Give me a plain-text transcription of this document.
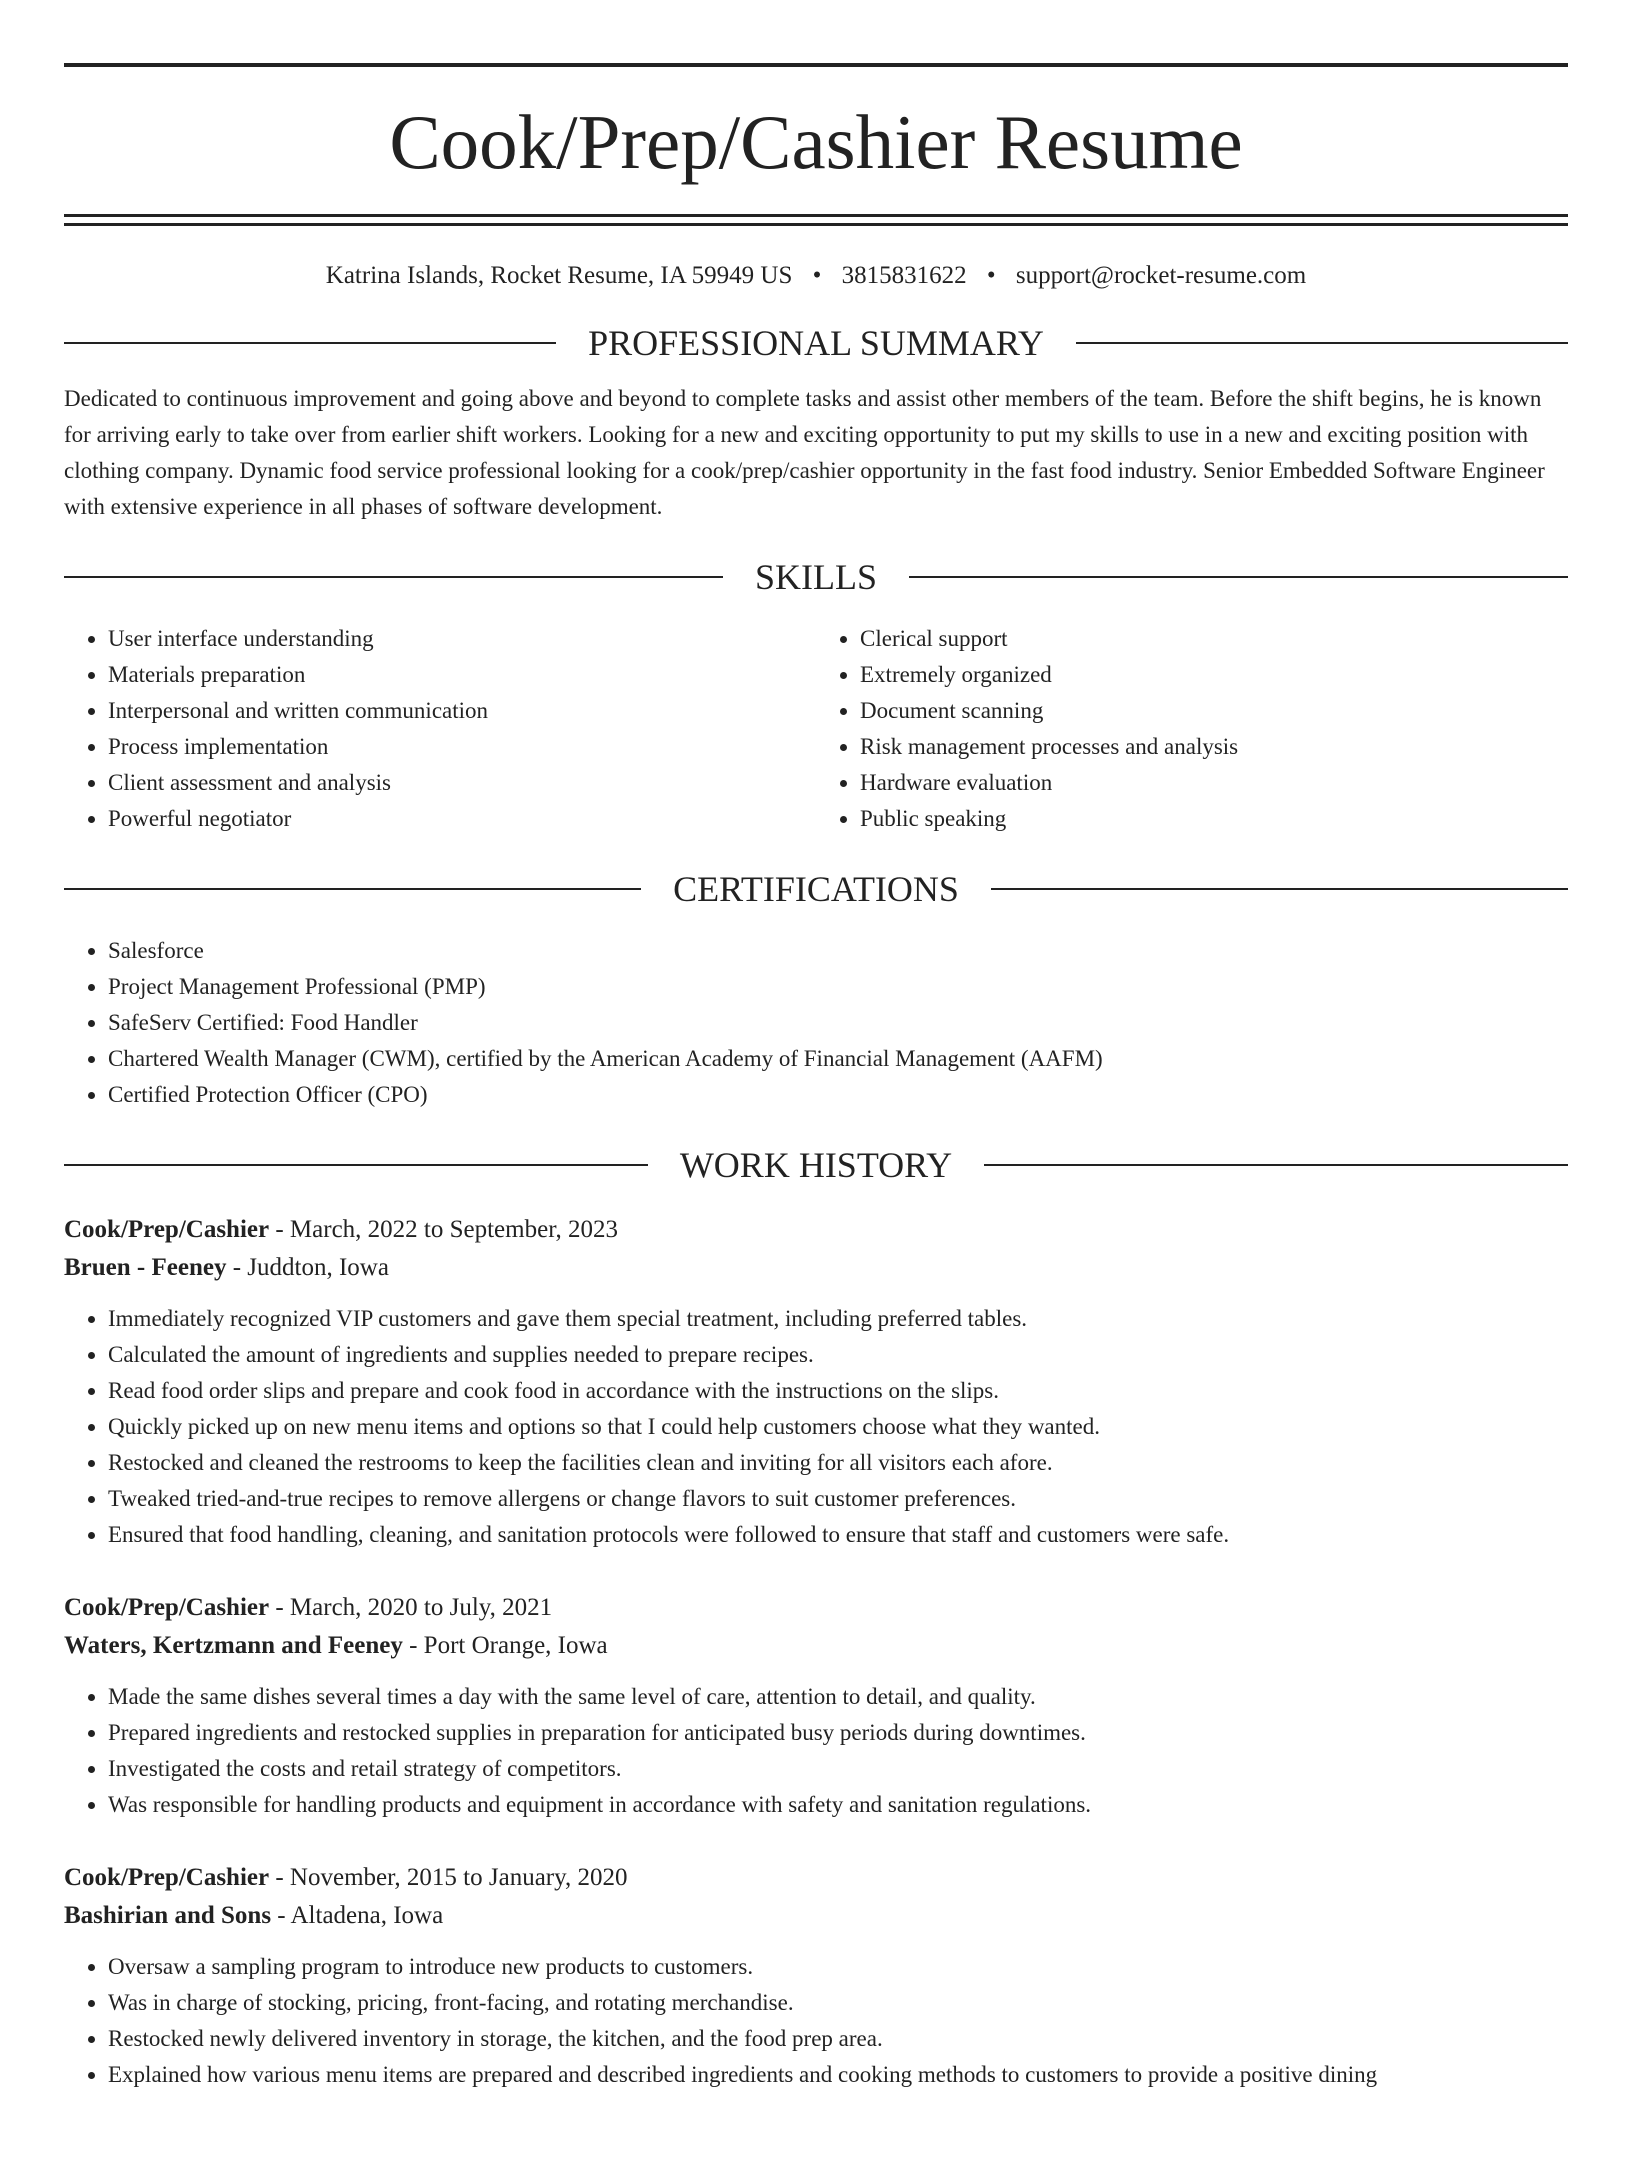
Cook/Prep/Cashier Resume
Katrina Islands, Rocket Resume, IA 59949 US • 3815831622 • support@rocket-resume.com
PROFESSIONAL SUMMARY
Dedicated to continuous improvement and going above and beyond to complete tasks and assist other members of the team. Before the shift begins, he is known for arriving early to take over from earlier shift workers. Looking for a new and exciting opportunity to put my skills to use in a new and exciting position with clothing company. Dynamic food service professional looking for a cook/prep/cashier opportunity in the fast food industry. Senior Embedded Software Engineer with extensive experience in all phases of software development.
SKILLS
• User interface understanding
• Materials preparation
• Interpersonal and written communication
• Process implementation
• Client assessment and analysis
• Powerful negotiator
• Clerical support
• Extremely organized
• Document scanning
• Risk management processes and analysis
• Hardware evaluation
• Public speaking
CERTIFICATIONS
• Salesforce
• Project Management Professional (PMP)
• SafeServ Certified: Food Handler
• Chartered Wealth Manager (CWM), certified by the American Academy of Financial Management (AAFM)
• Certified Protection Officer (CPO)
WORK HISTORY
Cook/Prep/Cashier - March, 2022 to September, 2023
Bruen - Feeney - Juddton, Iowa
• Immediately recognized VIP customers and gave them special treatment, including preferred tables.
• Calculated the amount of ingredients and supplies needed to prepare recipes.
• Read food order slips and prepare and cook food in accordance with the instructions on the slips.
• Quickly picked up on new menu items and options so that I could help customers choose what they wanted.
• Restocked and cleaned the restrooms to keep the facilities clean and inviting for all visitors each afore.
• Tweaked tried-and-true recipes to remove allergens or change flavors to suit customer preferences.
• Ensured that food handling, cleaning, and sanitation protocols were followed to ensure that staff and customers were safe.
Cook/Prep/Cashier - March, 2020 to July, 2021
Waters, Kertzmann and Feeney - Port Orange, Iowa
• Made the same dishes several times a day with the same level of care, attention to detail, and quality.
• Prepared ingredients and restocked supplies in preparation for anticipated busy periods during downtimes.
• Investigated the costs and retail strategy of competitors.
• Was responsible for handling products and equipment in accordance with safety and sanitation regulations.
Cook/Prep/Cashier - November, 2015 to January, 2020
Bashirian and Sons - Altadena, Iowa
• Oversaw a sampling program to introduce new products to customers.
• Was in charge of stocking, pricing, front-facing, and rotating merchandise.
• Restocked newly delivered inventory in storage, the kitchen, and the food prep area.
• Explained how various menu items are prepared and described ingredients and cooking methods to customers to provide a positive dining
